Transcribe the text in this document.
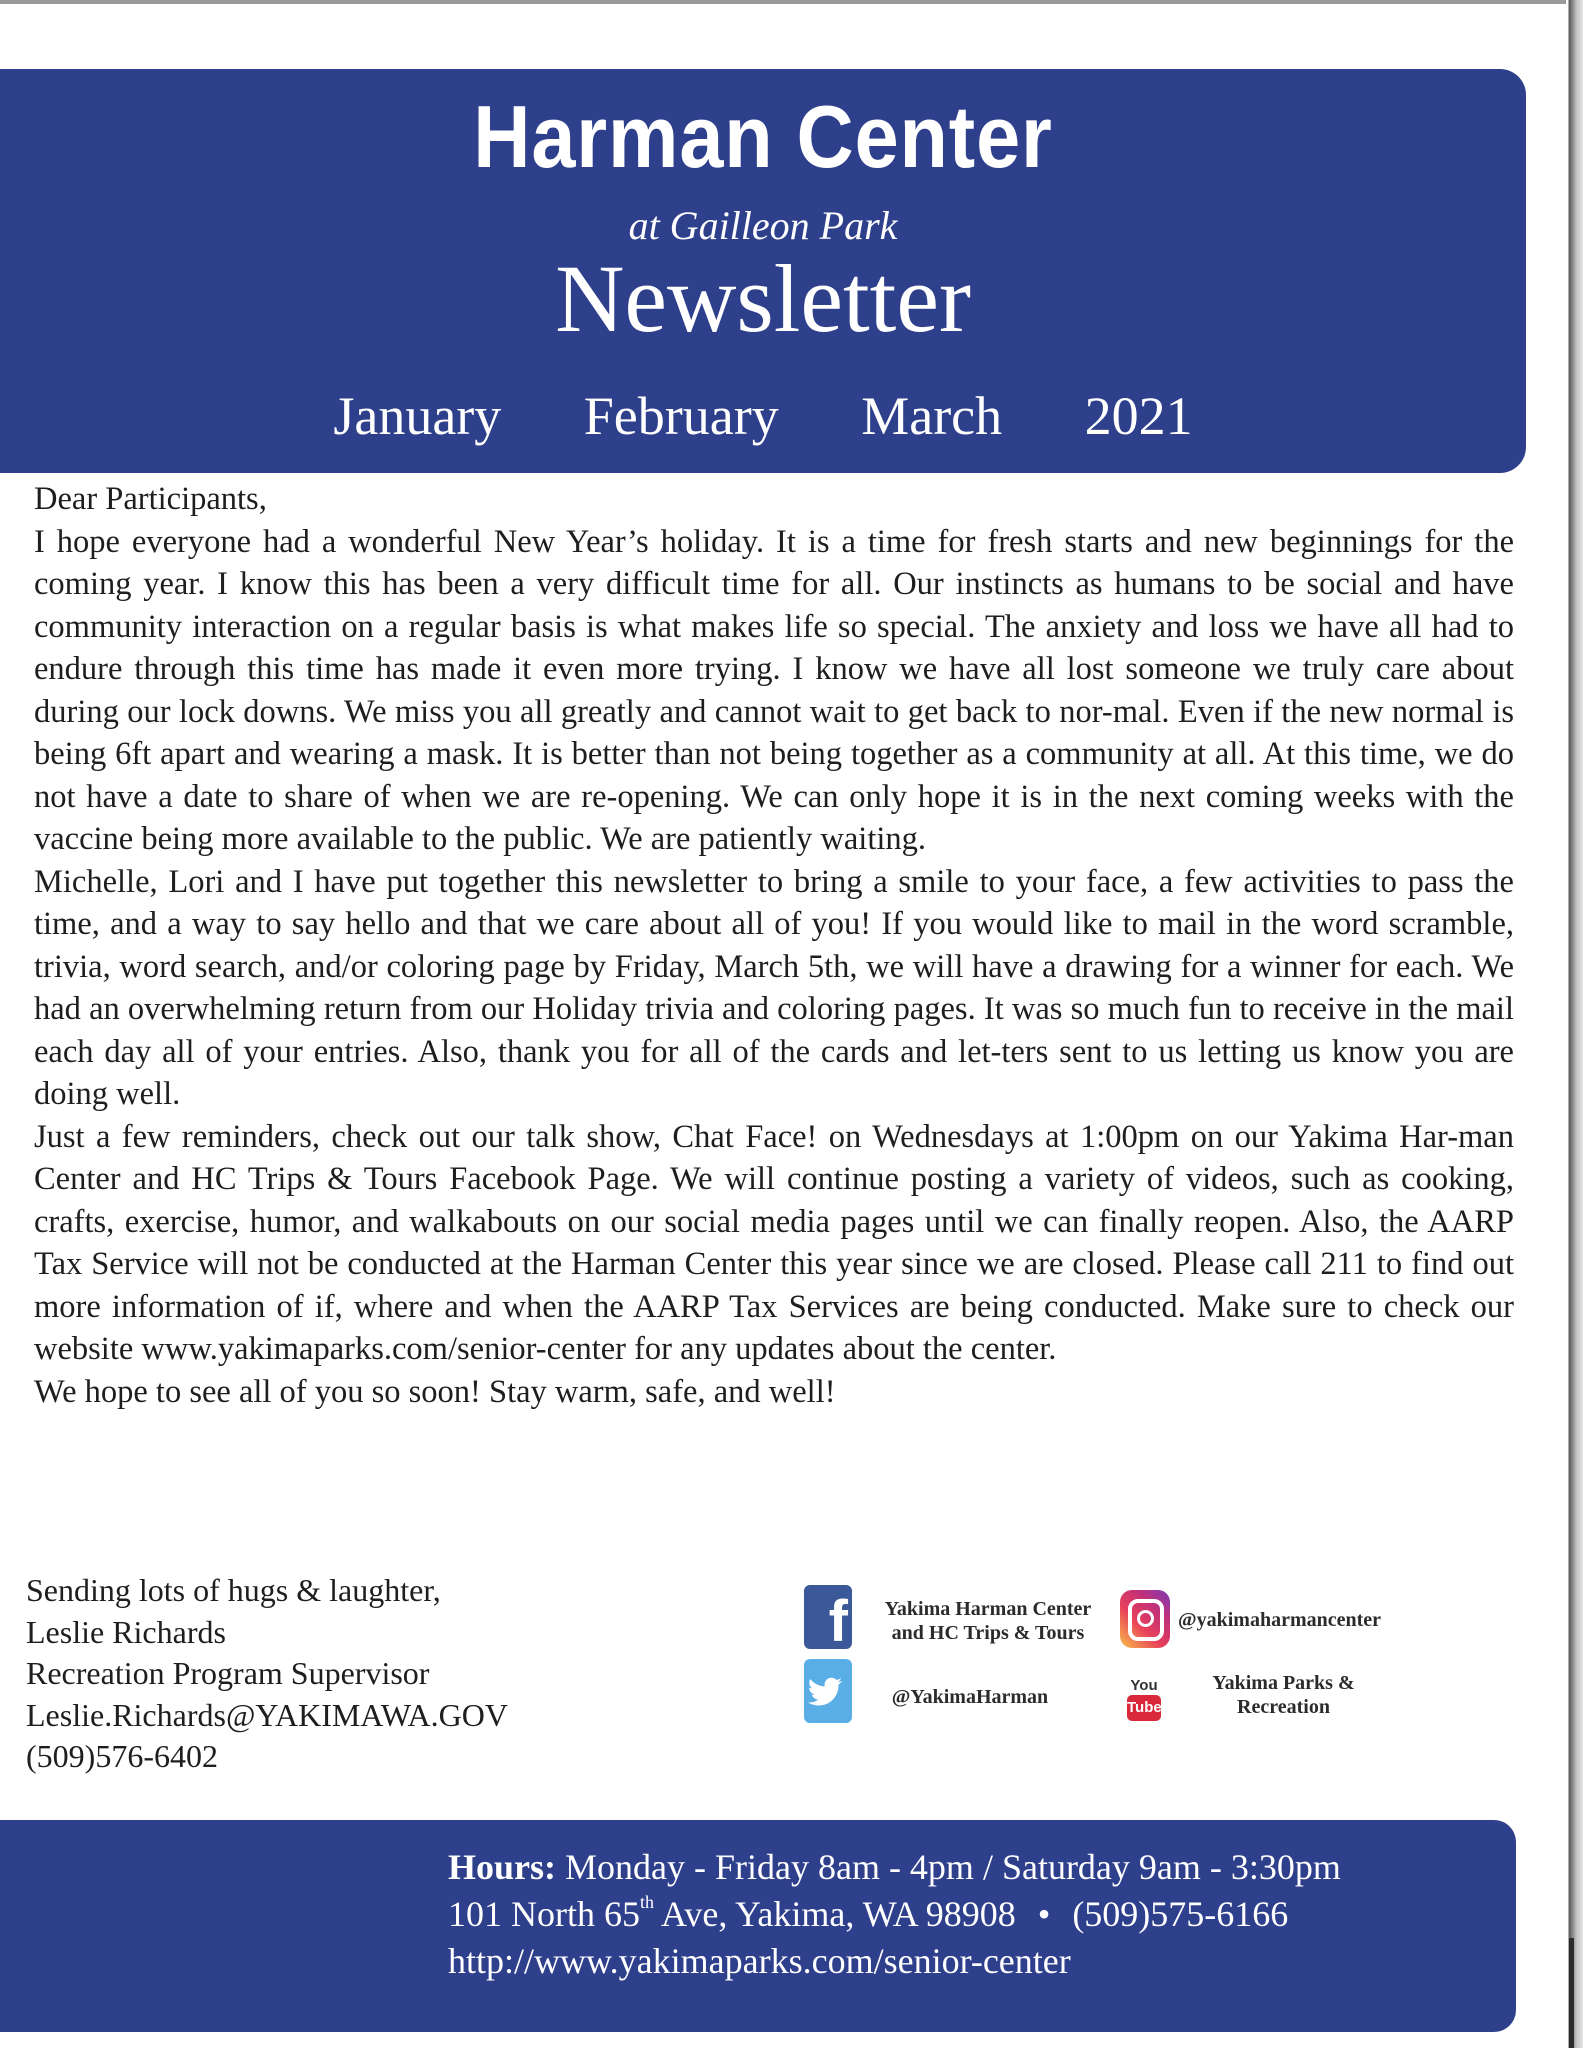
Harman Center
at Gailleon Park
Newsletter
January   February   March   2021

Dear Participants,

I hope everyone had a wonderful New Year’s holiday. It is a time for fresh starts and new beginnings for the coming year. I know this has been a very difficult time for all. Our instincts as humans to be social and have community interaction on a regular basis is what makes life so special. The anxiety and loss we have all had to endure through this time has made it even more trying. I know we have all lost someone we truly care about during our lock downs. We miss you all greatly and cannot wait to get back to nor-mal. Even if the new normal is being 6ft apart and wearing a mask. It is better than not being together as a community at all. At this time, we do not have a date to share of when we are re-opening. We can only hope it is in the next coming weeks with the vaccine being more available to the public. We are patiently waiting.

Michelle, Lori and I have put together this newsletter to bring a smile to your face, a few activities to pass the time, and a way to say hello and that we care about all of you! If you would like to mail in the word scramble, trivia, word search, and/or coloring page by Friday, March 5th, we will have a drawing for a winner for each. We had an overwhelming return from our Holiday trivia and coloring pages. It was so much fun to receive in the mail each day all of your entries. Also, thank you for all of the cards and let-ters sent to us letting us know you are doing well.

Just a few reminders, check out our talk show, Chat Face! on Wednesdays at 1:00pm on our Yakima Har-man Center and HC Trips & Tours Facebook Page. We will continue posting a variety of videos, such as cooking, crafts, exercise, humor, and walkabouts on our social media pages until we can finally reopen. Also, the AARP Tax Service will not be conducted at the Harman Center this year since we are closed. Please call 211 to find out more information of if, where and when the AARP Tax Services are being conducted. Make sure to check our website www.yakimaparks.com/senior-center for any updates about the center.

We hope to see all of you so soon! Stay warm, safe, and well!

Sending lots of hugs & laughter,
Leslie Richards
Recreation Program Supervisor
Leslie.Richards@YAKIMAWA.GOV
(509)576-6402
f	Yakima Harman Center
and HC Trips & Tours
@yakimaharmancenter
@YakimaHarman
You
Tube
Yakima Parks &
Recreation
Hours: Monday - Friday 8am - 4pm / Saturday 9am - 3:30pm
101 North 65th Ave, Yakima, WA 98908 • (509)575-6166
http://www.yakimaparks.com/senior-center
